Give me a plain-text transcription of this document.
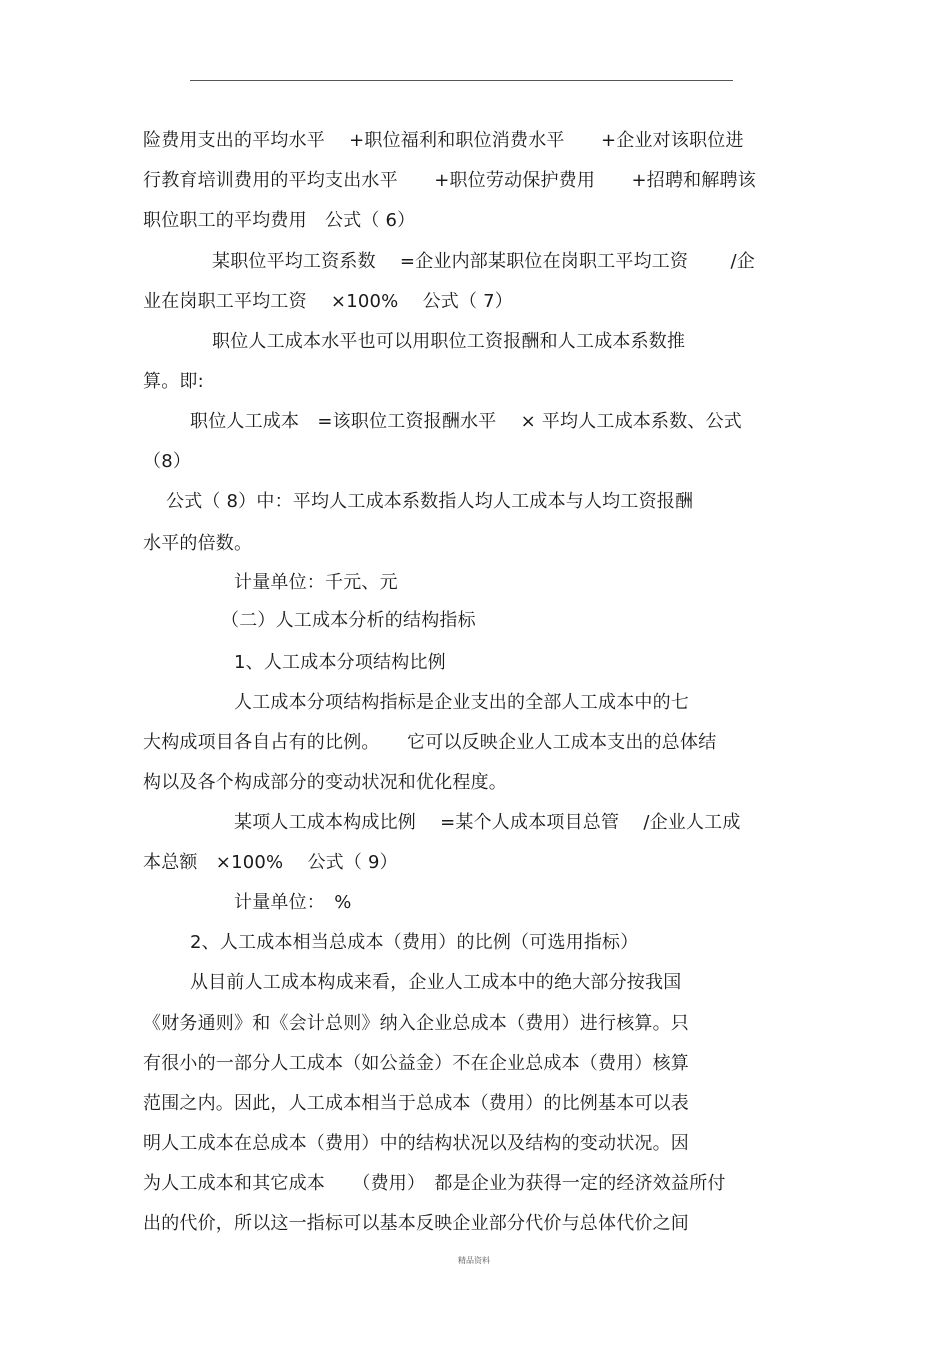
险费用支出的平均水平　 +职位福利和职位消费水平　　+企业对该职位进
行教育培训费用的平均支出水平　　+职位劳动保护费用　　+招聘和解聘该
职位职工的平均费用　公式（ 6）
某职位平均工资系数　 =企业内部某职位在岗职工平均工资　　 /企
业在岗职工平均工资　 ×100%　 公式（ 7）
职位人工成本水平也可以用职位工资报酬和人工成本系数推
算。即:
职位人工成本　=该职位工资报酬水平　 × 平均人工成本系数、公式
（8）
公式（ 8）中：平均人工成本系数指人均人工成本与人均工资报酬
水平的倍数。
计量单位：千元、元
（二）人工成本分析的结构指标
1、人工成本分项结构比例
人工成本分项结构指标是企业支出的全部人工成本中的七
大构成项目各自占有的比例。　　它可以反映企业人工成本支出的总体结
构以及各个构成部分的变动状况和优化程度。
某项人工成本构成比例　 =某个人成本项目总管　 /企业人工成
本总额　×100%　 公式（ 9）
计量单位：　%
2、人工成本相当总成本（费用）的比例（可选用指标）
从目前人工成本构成来看，企业人工成本中的绝大部分按我国
《财务通则》和《会计总则》纳入企业总成本（费用）进行核算。只
有很小的一部分人工成本（如公益金）不在企业总成本（费用）核算
范围之内。因此，人工成本相当于总成本（费用）的比例基本可以表
明人工成本在总成本（费用）中的结构状况以及结构的变动状况。因
为人工成本和其它成本　　（费用）　都是企业为获得一定的经济效益所付
出的代价，所以这一指标可以基本反映企业部分代价与总体代价之间
精品资料
